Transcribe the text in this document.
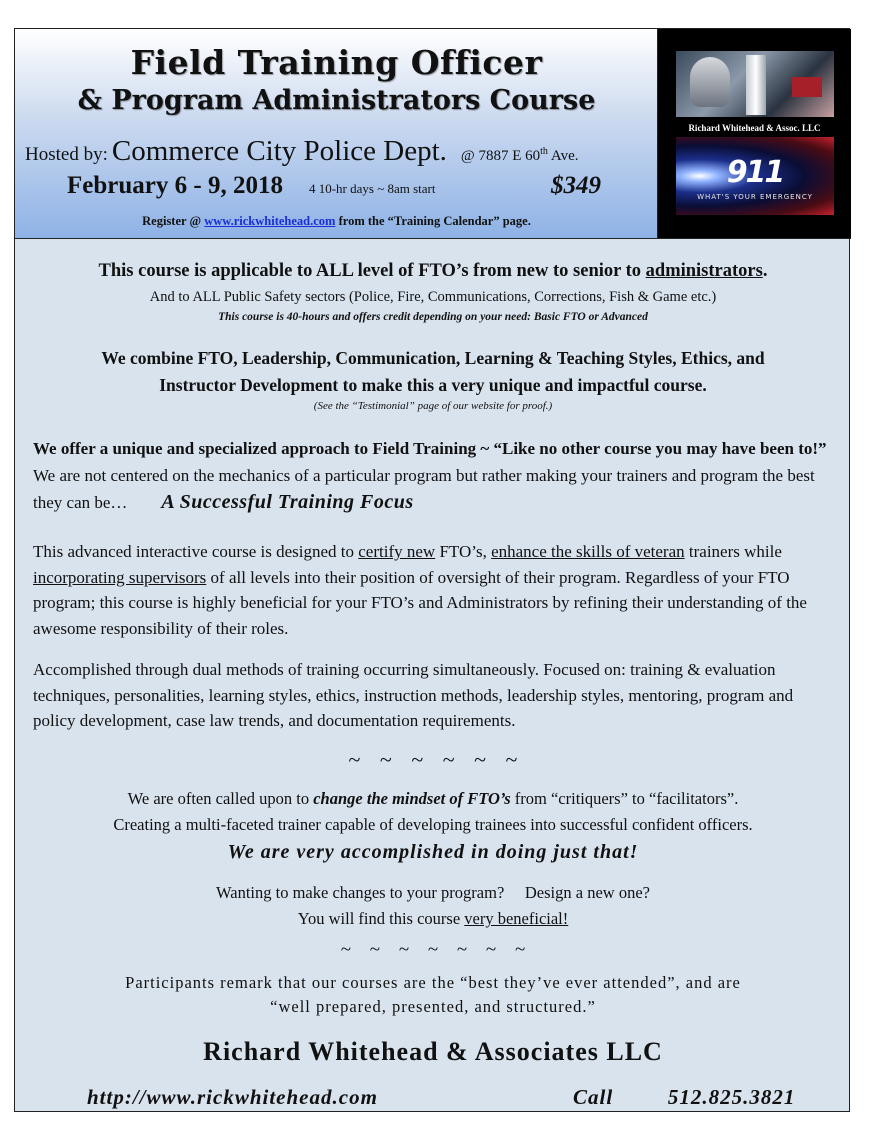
Field Training Officer
& Program Administrators Course
Hosted by: Commerce City Police Dept. @ 7887 E 60th Ave.
February 6 - 9, 2018 4 10-hr days ~ 8am start	$349
Register @ www.rickwhitehead.com from the “Training Calendar” page.
Richard Whitehead & Assoc. LLC
911
WHAT'S YOUR EMERGENCY
This course is applicable to ALL level of FTO’s from new to senior to administrators.
And to ALL Public Safety sectors (Police, Fire, Communications, Corrections, Fish & Game etc.)
This course is 40-hours and offers credit depending on your need: Basic FTO or Advanced
We combine FTO, Leadership, Communication, Learning & Teaching Styles, Ethics, and
Instructor Development to make this a very unique and impactful course.
(See the “Testimonial” page of our website for proof.)
We offer a unique and specialized approach to Field Training ~ “Like no other course you may have been to!” We are not centered on the mechanics of a particular program but rather making your trainers and program the best they can be… A Successful Training Focus
This advanced interactive course is designed to certify new FTO’s, enhance the skills of veteran trainers while incorporating supervisors of all levels into their position of oversight of their program. Regardless of your FTO program; this course is highly beneficial for your FTO’s and Administrators by refining their understanding of the awesome responsibility of their roles.
Accomplished through dual methods of training occurring simultaneously. Focused on: training & evaluation techniques, personalities, learning styles, ethics, instruction methods, leadership styles, mentoring, program and policy development, case law trends, and documentation requirements.
~ ~ ~ ~ ~ ~
We are often called upon to change the mindset of FTO’s from “critiquers” to “facilitators”.
Creating a multi-faceted trainer capable of developing trainees into successful confident officers.
We are very accomplished in doing just that!
Wanting to make changes to your program?     Design a new one?
You will find this course very beneficial!
~ ~ ~ ~ ~ ~ ~
Participants remark that our courses are the “best they’ve ever attended”, and are
“well prepared, presented, and structured.”
Richard Whitehead & Associates LLC
http://www.rickwhitehead.com	Call   512.825.3821
